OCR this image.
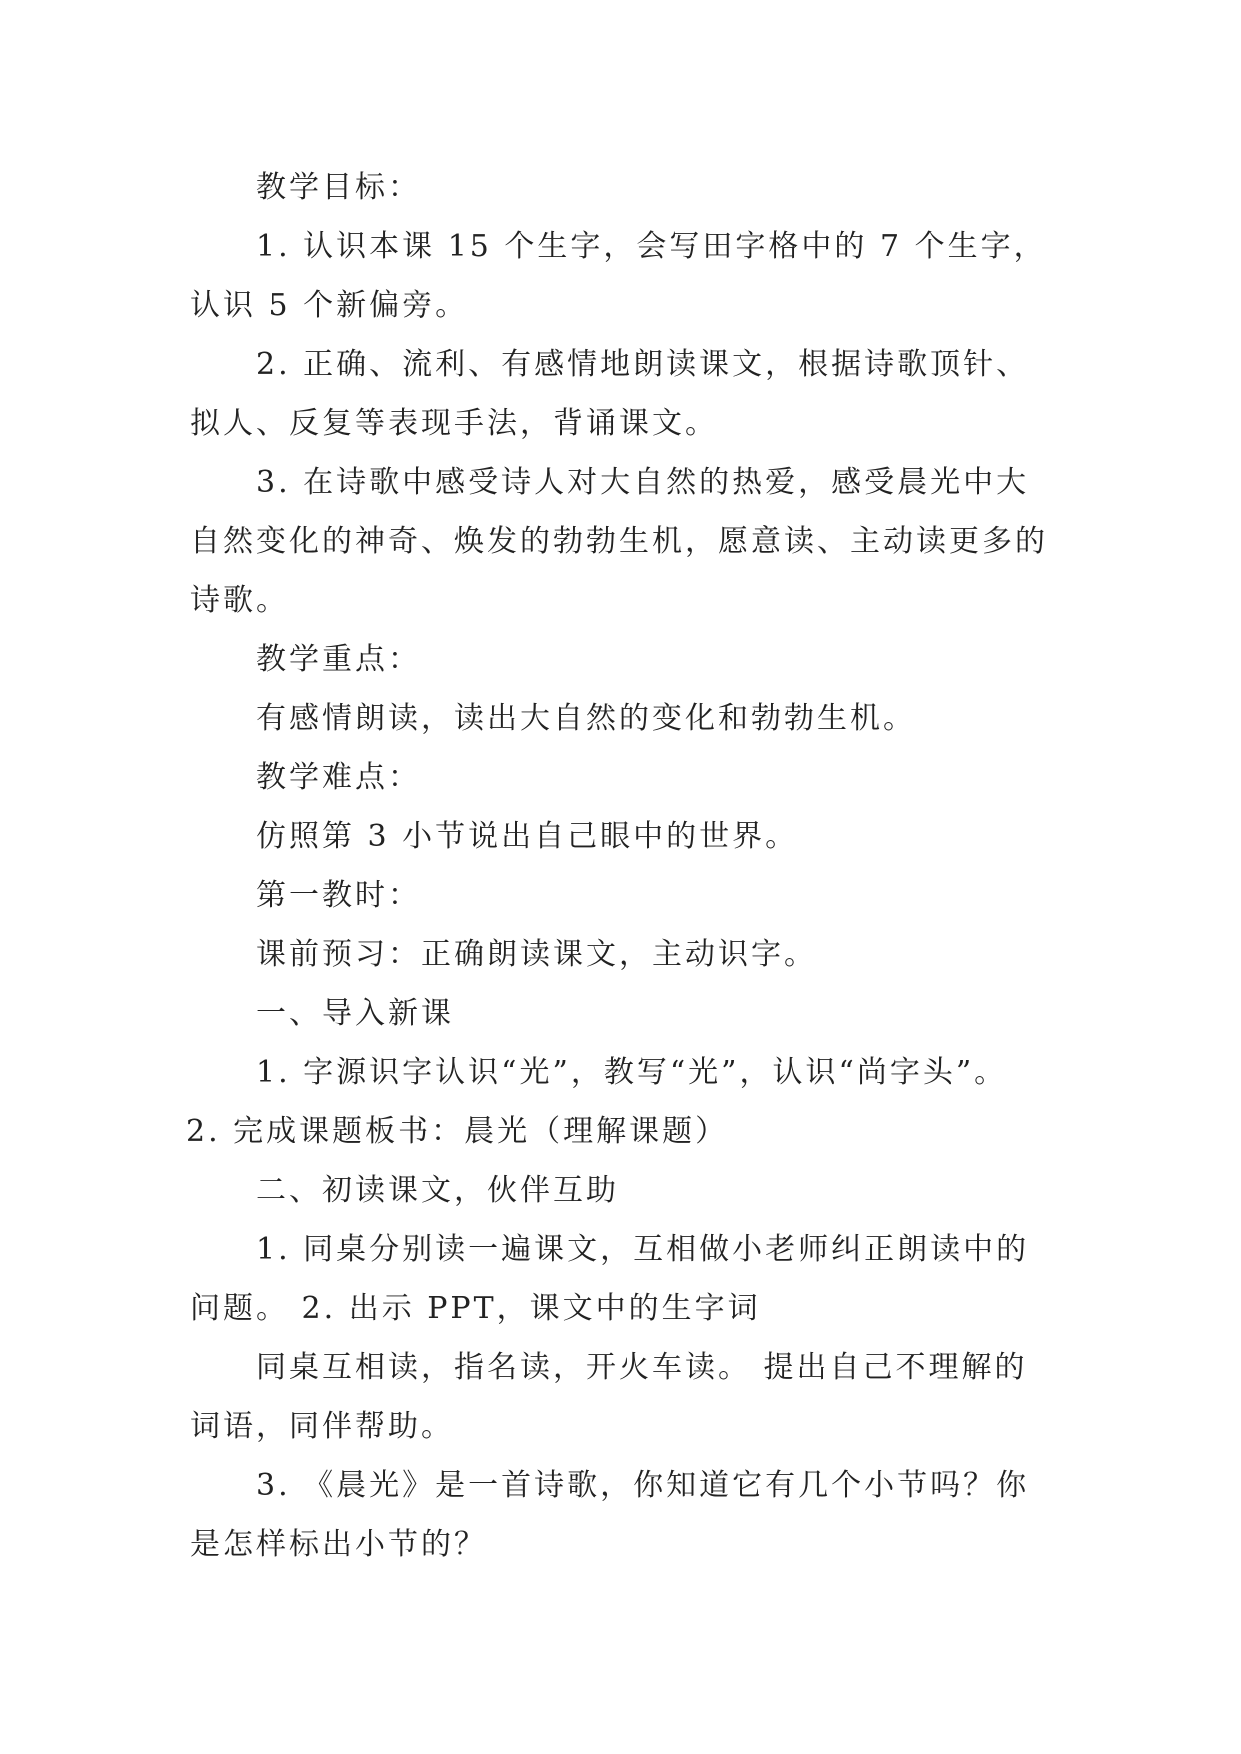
教学目标：

1. 认识本课 15 个生字，会写田字格中的 7 个生字，认识 5 个新偏旁。

2. 正确、流利、有感情地朗读课文，根据诗歌顶针、拟人、反复等表现手法，背诵课文。

3. 在诗歌中感受诗人对大自然的热爱，感受晨光中大自然变化的神奇、焕发的勃勃生机，愿意读、主动读更多的诗歌。

教学重点：

有感情朗读，读出大自然的变化和勃勃生机。

教学难点：

仿照第 3 小节说出自己眼中的世界。

第一教时：

课前预习：正确朗读课文，主动识字。

一、导入新课

1. 字源识字认识“光”，教写“光”，认识“尚字头”。

2. 完成课题板书：晨光（理解课题）

二、初读课文，伙伴互助

1. 同桌分别读一遍课文，互相做小老师纠正朗读中的问题。 2. 出示 PPT，课文中的生字词

同桌互相读，指名读，开火车读。 提出自己不理解的词语，同伴帮助。

3. 《晨光》是一首诗歌，你知道它有几个小节吗？你是怎样标出小节的？
